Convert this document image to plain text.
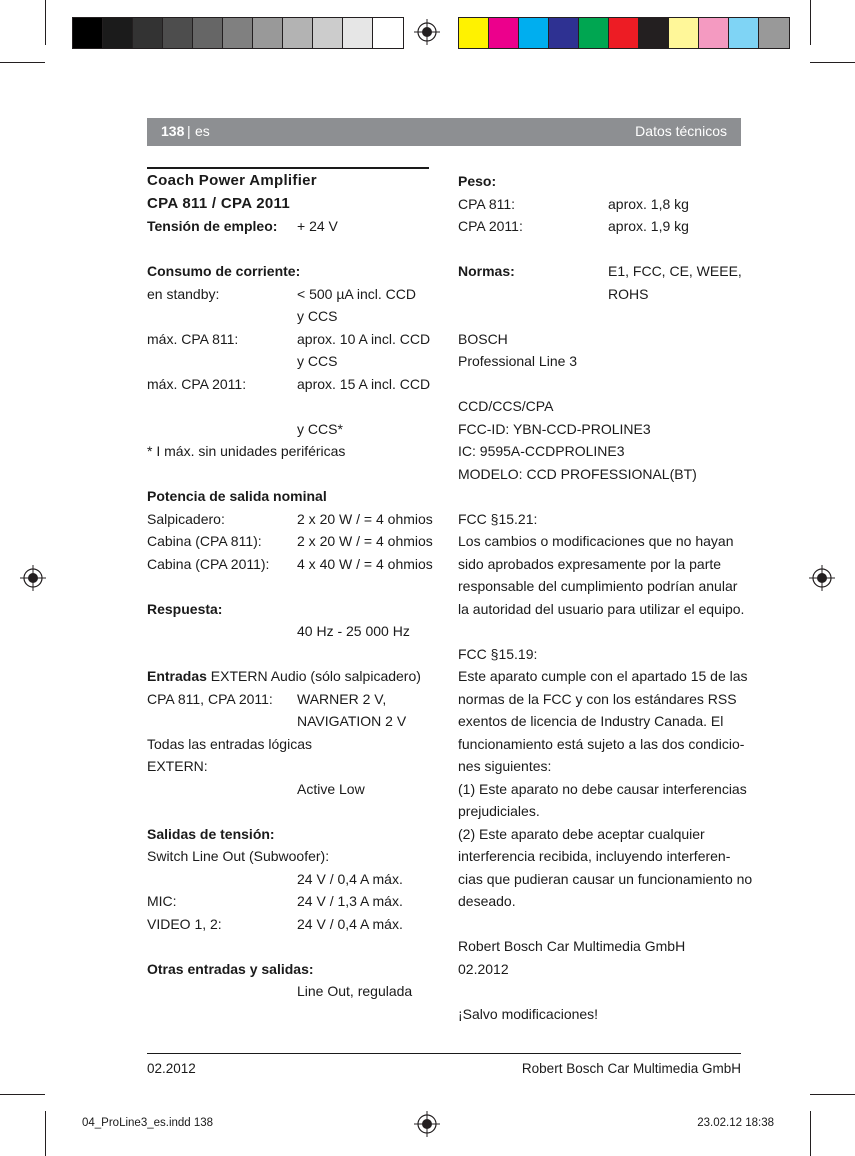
138 | es	Datos técnicos
Coach Power Amplifier
CPA 811 / CPA 2011
Tensión de empleo: + 24 V
Consumo de corriente:
en standby:	< 500 µA incl. CCD
y CCS
máx. CPA 811:	aprox. 10 A incl. CCD
y CCS
máx. CPA 2011:	aprox. 15 A incl. CCD
y CCS*
* I máx. sin unidades periféricas
Potencia de salida nominal
Salpicadero:	2 x 20 W / = 4 ohmios
Cabina (CPA 811):	2 x 20 W / = 4 ohmios
Cabina (CPA 2011): 4 x 40 W / = 4 ohmios
Respuesta:
40 Hz - 25 000 Hz
Entradas EXTERN Audio (sólo salpicadero)
CPA 811, CPA 2011: WARNER 2 V,
NAVIGATION 2 V
Todas las entradas lógicas
EXTERN:
Active Low
Salidas de tensión:
Switch Line Out (Subwoofer):
24 V / 0,4 A máx.
MIC:	24 V / 1,3 A máx.
VIDEO 1, 2:	24 V / 0,4 A máx.
Otras entradas y salidas:
Line Out, regulada
Peso:
CPA 811:	aprox. 1,8 kg
CPA 2011:	aprox. 1,9 kg
Normas:	E1, FCC, CE, WEEE,
ROHS
BOSCH
Professional Line 3
CCD/CCS/CPA
FCC-ID: YBN-CCD-PROLINE3
IC: 9595A-CCDPROLINE3
MODELO: CCD PROFESSIONAL(BT)
FCC §15.21:
Los cambios o modificaciones que no hayan
sido aprobados expresamente por la parte
responsable del cumplimiento podrían anular
la autoridad del usuario para utilizar el equipo.
FCC §15.19:
Este aparato cumple con el apartado 15 de las
normas de la FCC y con los estándares RSS
exentos de licencia de Industry Canada. El
funcionamiento está sujeto a las dos condicio-
nes siguientes:
(1) Este aparato no debe causar interferencias
prejudiciales.
(2) Este aparato debe aceptar cualquier
interferencia recibida, incluyendo interferen-
cias que pudieran causar un funcionamiento no
deseado.
Robert Bosch Car Multimedia GmbH
02.2012
¡Salvo modificaciones!
02.2012	Robert Bosch Car Multimedia GmbH
04_ProLine3_es.indd 138	23.02.12 18:38
